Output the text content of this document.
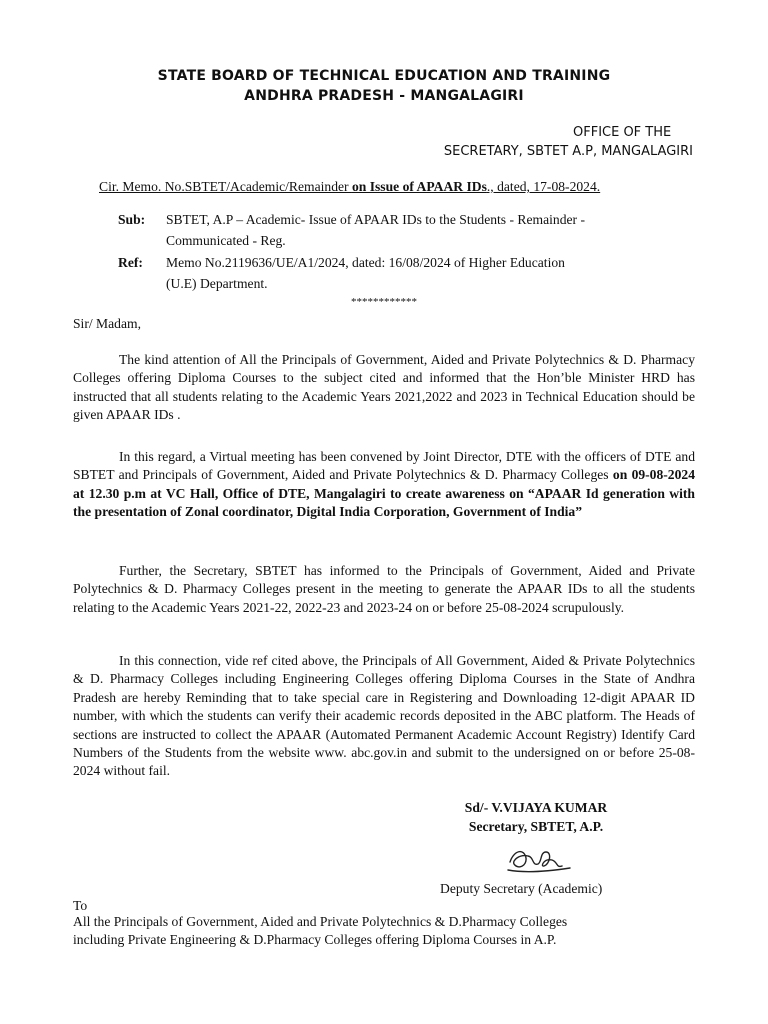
STATE BOARD OF TECHNICAL EDUCATION AND TRAINING
ANDHRA PRADESH - MANGALAGIRI
OFFICE OF THE
SECRETARY, SBTET A.P, MANGALAGIRI
Cir. Memo. No.SBTET/Academic/Remainder on Issue of APAAR IDs., dated, 17-08-2024.
Sub: SBTET, A.P – Academic- Issue of APAAR IDs to the Students - Remainder -
Communicated - Reg.
Ref: Memo No.2119636/UE/A1/2024, dated: 16/08/2024 of Higher Education
(U.E) Department.
************
Sir/ Madam,
The kind attention of All the Principals of Government, Aided and Private Polytechnics & D. Pharmacy Colleges offering Diploma Courses to the subject cited and informed that the Hon’ble Minister HRD has instructed that all students relating to the Academic Years 2021,2022 and 2023 in Technical Education should be given APAAR IDs .
In this regard, a Virtual meeting has been convened by Joint Director, DTE with the officers of DTE and SBTET and Principals of Government, Aided and Private Polytechnics & D. Pharmacy Colleges on 09-08-2024 at 12.30 p.m at VC Hall, Office of DTE, Mangalagiri to create awareness on “APAAR Id generation with the presentation of Zonal coordinator, Digital India Corporation, Government of India”
Further, the Secretary, SBTET has informed to the Principals of Government, Aided and Private Polytechnics & D. Pharmacy Colleges present in the meeting to generate the APAAR IDs to all the students relating to the Academic Years 2021-22, 2022-23 and 2023-24 on or before 25-08-2024 scrupulously.
In this connection, vide ref cited above, the Principals of All Government, Aided & Private Polytechnics & D. Pharmacy Colleges including Engineering Colleges offering Diploma Courses in the State of Andhra Pradesh are hereby Reminding that to take special care in Registering and Downloading 12-digit APAAR ID number, with which the students can verify their academic records deposited in the ABC platform. The Heads of sections are instructed to collect the APAAR (Automated Permanent Academic Account Registry) Identify Card Numbers of the Students from the website www. abc.gov.in and submit to the undersigned on or before 25-08-2024 without fail.
Sd/- V.VIJAYA KUMAR
Secretary, SBTET, A.P.
Deputy Secretary (Academic)
To
All the Principals of Government, Aided and Private Polytechnics & D.Pharmacy Colleges
including Private Engineering & D.Pharmacy Colleges offering Diploma Courses in A.P.
